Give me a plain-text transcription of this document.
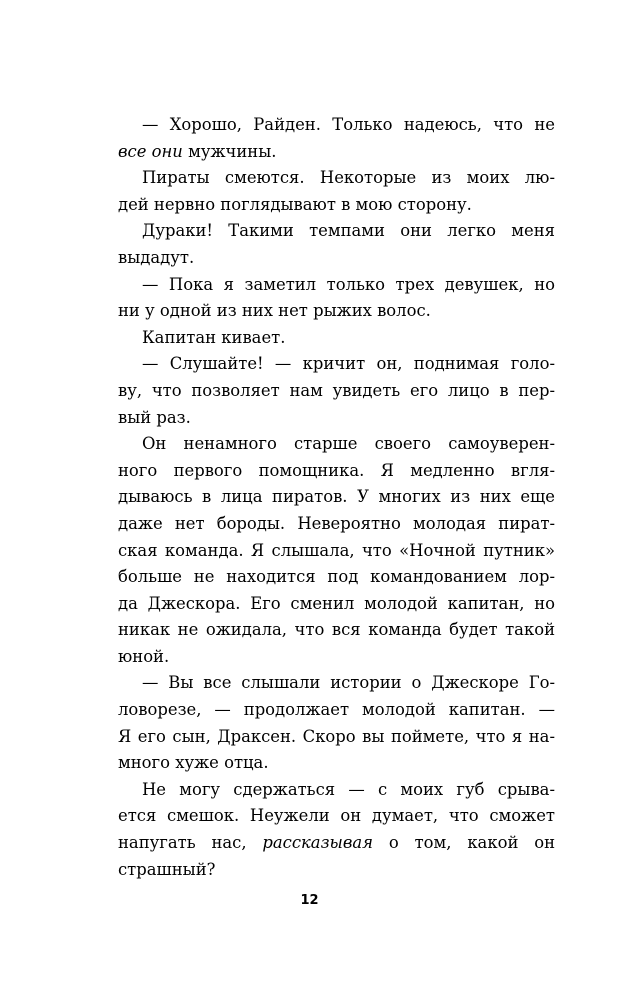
— Хорошо, Райден. Только надеюсь, что не
все они мужчины.
Пираты смеются. Некоторые из моих лю-
дей нервно поглядывают в мою сторону.
Дураки! Такими темпами они легко меня
выдадут.
— Пока я заметил только трех девушек, но
ни у одной из них нет рыжих волос.
Капитан кивает.
— Слушайте! — кричит он, поднимая голо-
ву, что позволяет нам увидеть его лицо в пер-
вый раз.
Он ненамного старше своего самоуверен-
ного первого помощника. Я медленно вгля-
дываюсь в лица пиратов. У многих из них еще
даже нет бороды. Невероятно молодая пират-
ская команда. Я слышала, что «Ночной путник»
больше не находится под командованием лор-
да Джескора. Его сменил молодой капитан, но
никак не ожидала, что вся команда будет такой
юной.
— Вы все слышали истории о Джескоре Го-
ловорезе, — продолжает молодой капитан. —
Я его сын, Драксен. Скоро вы поймете, что я на-
много хуже отца.
Не могу сдержаться — с моих губ срыва-
ется смешок. Неужели он думает, что сможет
напугать нас, рассказывая о том, какой он
страшный?
12
